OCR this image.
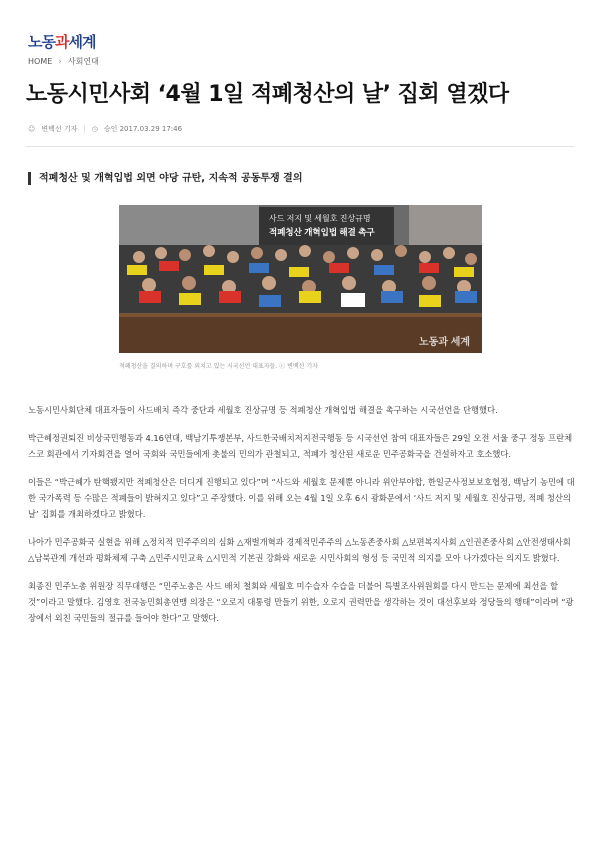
노동과세계
HOME › 사회연대
노동시민사회 ‘4월 1일 적폐청산의 날’ 집회 열겠다
☺ 변백선 기자 | ◷ 승인 2017.03.29 17:46
적폐청산 및 개혁입법 외면 야당 규탄, 지속적 공동투쟁 결의
사드 저지 및 세월호 진상규명
적폐청산 개혁입법 해결 촉구
노동과 세계
적폐청산을 결의하며 구호를 외치고 있는 시국선언 대표자들. ⓒ 변백선 기자

노동시민사회단체 대표자들이 사드배치 즉각 중단과 세월호 진상규명 등 적폐청산 개혁입법 해결을 촉구하는 시국선언을 단행했다.

박근혜정권퇴진 비상국민행동과 4.16연대, 백남기투쟁본부, 사드한국배치저지전국행동 등 시국선언 참여 대표자들은 29일 오전 서울 중구 정동 프란체스코 회관에서 기자회견을 열어 국회와 국민들에게 촛불의 민의가 관철되고, 적폐가 청산된 새로운 민주공화국을 건설하자고 호소했다.

이들은 “박근혜가 탄핵됐지만 적폐청산은 더디게 진행되고 있다”며 “사드와 세월호 문제뿐 아니라 위안부야합, 한일군사정보보호협정, 백남기 농민에 대한 국가폭력 등 수많은 적폐들이 밝혀지고 있다”고 주장했다. 이를 위해 오는 4월 1일 오후 6시 광화문에서 ‘사드 저지 및 세월호 진상규명, 적폐 청산의 날’ 집회를 개최하겠다고 밝혔다.

나아가 민주공화국 실현을 위해 △정치적 민주주의의 심화 △재벌개혁과 경제적민주주의 △노동존중사회 △보편복지사회 △인권존중사회 △안전생태사회 △남북관계 개선과 평화체제 구축 △민주시민교육 △시민적 기본권 강화와 새로운 시민사회의 형성 등 국민적 의지를 모아 나가겠다는 의지도 밝혔다.

최종진 민주노총 위원장 직무대행은 “민주노총은 사드 배치 철회와 세월호 미수습자 수습을 더불어 특별조사위원회를 다시 만드는 문제에 최선을 할 것”이라고 말했다. 김영호 전국농민회총연맹 의장은 “오로지 대통령 만들기 위한, 오로지 권력만을 생각하는 것이 대선후보와 정당들의 행태”이라며 “광장에서 외친 국민들의 절규를 들어야 한다”고 말했다.
